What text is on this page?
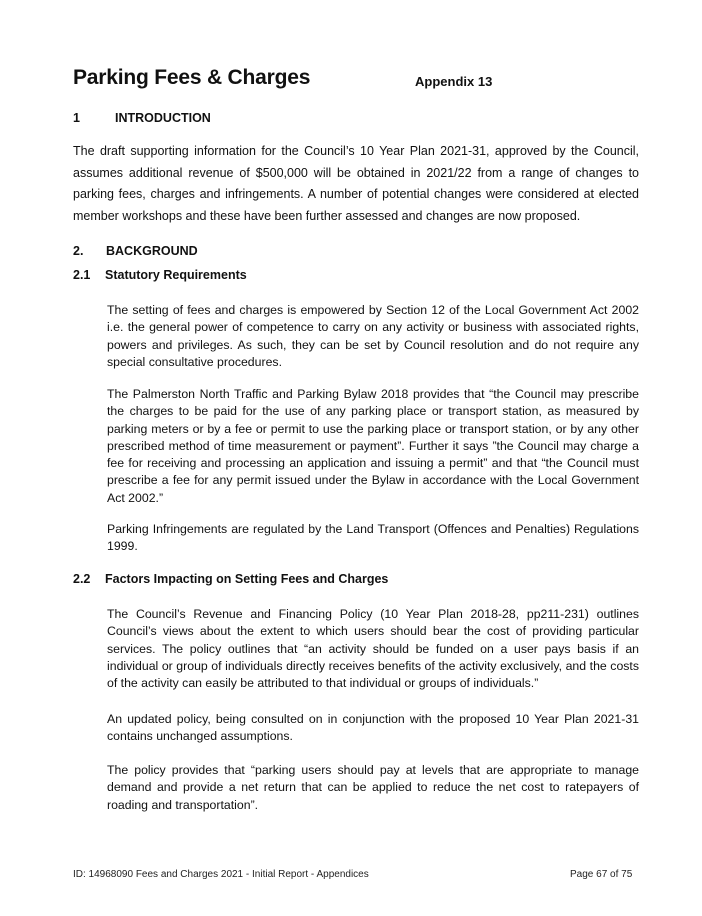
Parking Fees & Charges	Appendix 13
1	INTRODUCTION

The draft supporting information for the Council’s 10 Year Plan 2021-31, approved by the Council, assumes additional revenue of $500,000 will be obtained in 2021/22 from a range of changes to parking fees, charges and infringements. A number of potential changes were considered at elected member workshops and these have been further assessed and changes are now proposed.

2. BACKGROUND
2.1 Statutory Requirements

The setting of fees and charges is empowered by Section 12 of the Local Government Act 2002 i.e. the general power of competence to carry on any activity or business with associated rights, powers and privileges. As such, they can be set by Council resolution and do not require any special consultative procedures.

The Palmerston North Traffic and Parking Bylaw 2018 provides that “the Council may prescribe the charges to be paid for the use of any parking place or transport station, as measured by parking meters or by a fee or permit to use the parking place or transport station, or by any other prescribed method of time measurement or payment”. Further it says ”the Council may charge a fee for receiving and processing an application and issuing a permit” and that “the Council must prescribe a fee for any permit issued under the Bylaw in accordance with the Local Government Act 2002.”

Parking Infringements are regulated by the Land Transport (Offences and Penalties) Regulations 1999.

2.2 Factors Impacting on Setting Fees and Charges

The Council’s Revenue and Financing Policy (10 Year Plan 2018-28, pp211-231) outlines Council’s views about the extent to which users should bear the cost of providing particular services. The policy outlines that “an activity should be funded on a user pays basis if an individual or group of individuals directly receives benefits of the activity exclusively, and the costs of the activity can easily be attributed to that individual or groups of individuals.”

An updated policy, being consulted on in conjunction with the proposed 10 Year Plan 2021-31 contains unchanged assumptions.

The policy provides that “parking users should pay at levels that are appropriate to manage demand and provide a net return that can be applied to reduce the net cost to ratepayers of roading and transportation”.

ID: 14968090 Fees and Charges 2021 - Initial Report - Appendices	Page 67 of 75
